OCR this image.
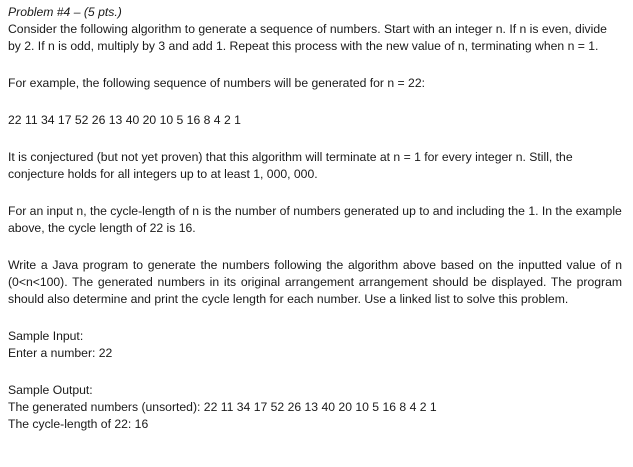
Problem #4 – (5 pts.)

Consider the following algorithm to generate a sequence of numbers. Start with an integer n. If n is even, divide by 2. If n is odd, multiply by 3 and add 1. Repeat this process with the new value of n, terminating when n = 1.

For example, the following sequence of numbers will be generated for n = 22:

22 11 34 17 52 26 13 40 20 10 5 16 8 4 2 1

It is conjectured (but not yet proven) that this algorithm will terminate at n = 1 for every integer n. Still, the conjecture holds for all integers up to at least 1, 000, 000.

For an input n, the cycle-length of n is the number of numbers generated up to and including the 1. In the example above, the cycle length of 22 is 16.

Write a Java program to generate the numbers following the algorithm above based on the inputted value of n (0<n<100). The generated numbers in its original arrangement arrangement should be displayed. The program should also determine and print the cycle length for each number. Use a linked list to solve this problem.

Sample Input:

Enter a number: 22

Sample Output:

The generated numbers (unsorted): 22 11 34 17 52 26 13 40 20 10 5 16 8 4 2 1

The cycle-length of 22: 16
